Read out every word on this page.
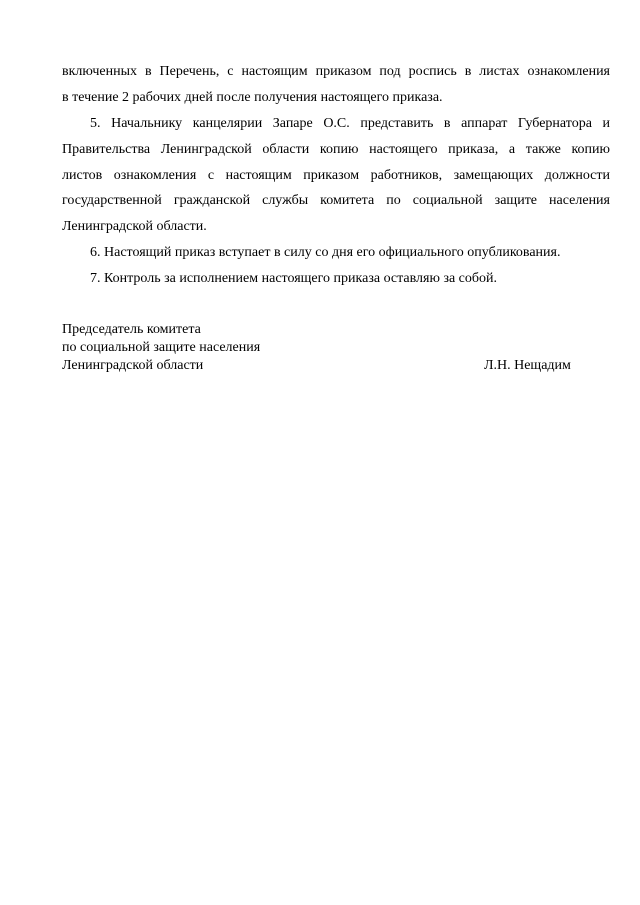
включенных в Перечень, с настоящим приказом под роспись в листах ознакомления
в течение 2 рабочих дней после получения настоящего приказа.
5. Начальнику канцелярии Запаре О.С. представить в аппарат Губернатора и
Правительства Ленинградской области копию настоящего приказа, а также копию
листов ознакомления с настоящим приказом работников, замещающих должности
государственной гражданской службы комитета по социальной защите населения
Ленинградской области.
6. Настоящий приказ вступает в силу со дня его официального опубликования.
7. Контроль за исполнением настоящего приказа оставляю за собой.
Председатель комитета
по социальной защите населения
Ленинградской области	Л.Н. Нещадим
